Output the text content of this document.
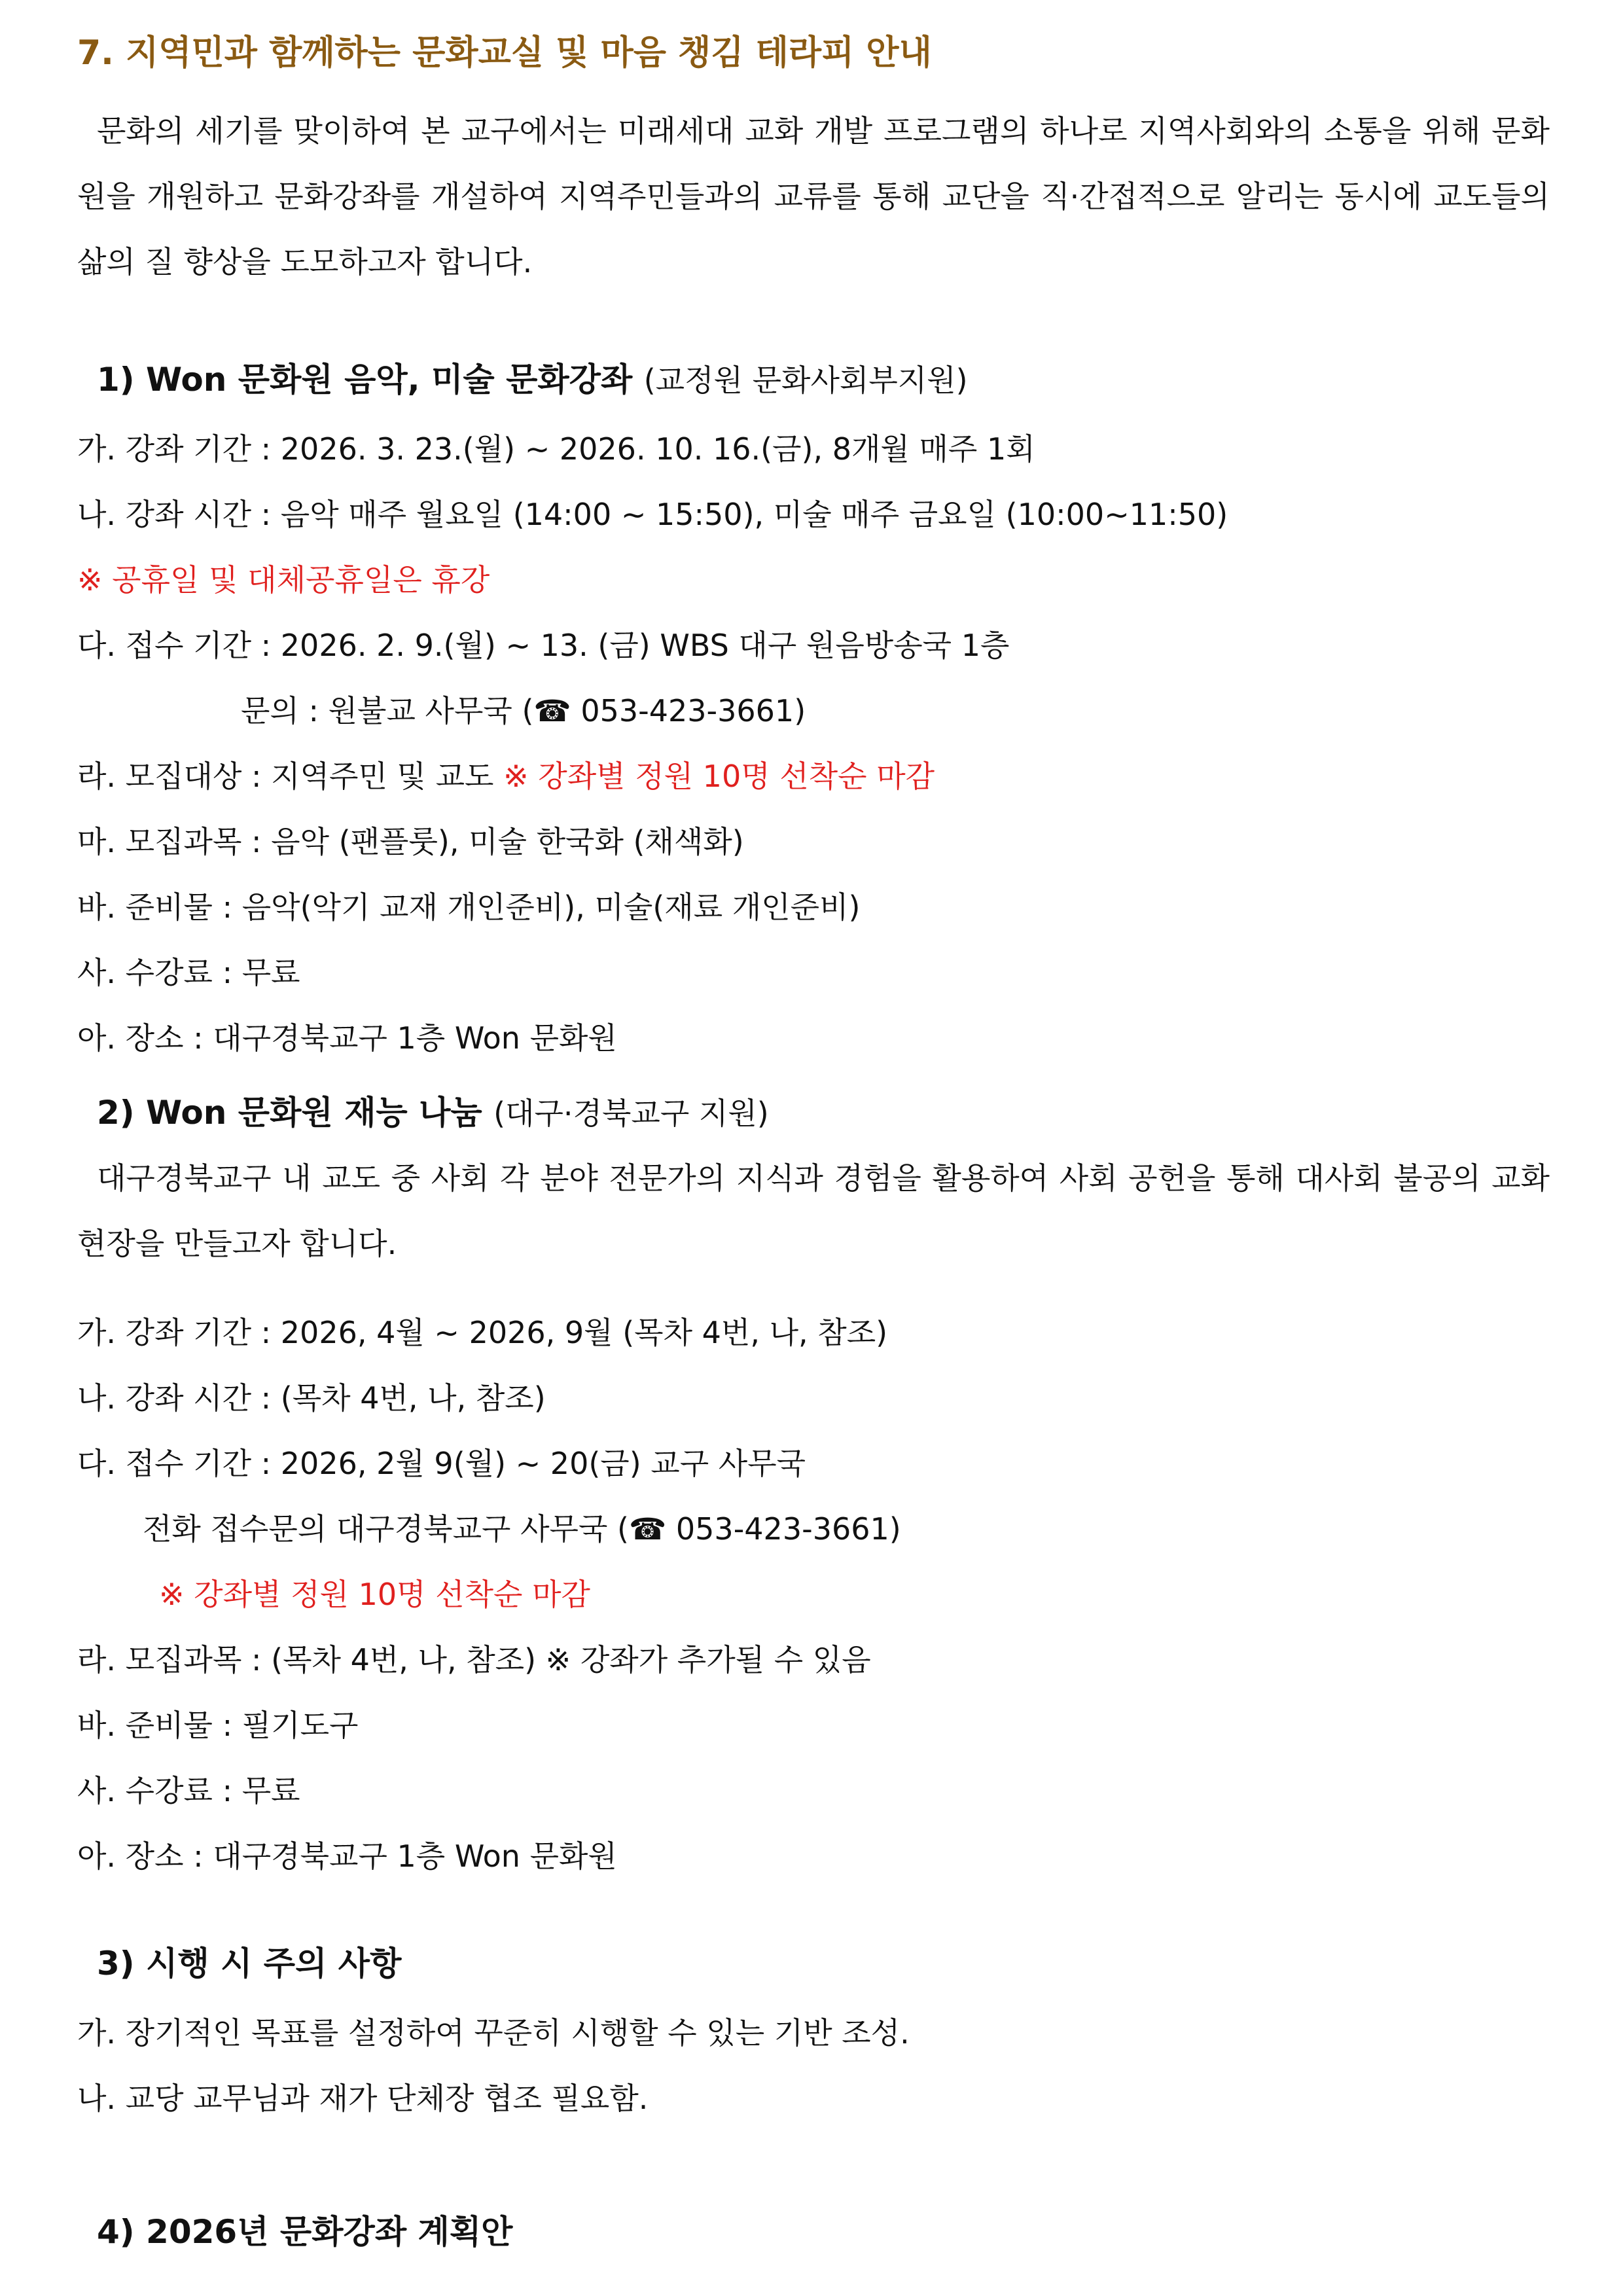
7. 지역민과 함께하는 문화교실 및 마음 챙김 테라피 안내
문화의 세기를 맞이하여 본 교구에서는 미래세대 교화 개발 프로그램의 하나로 지역사회와의 소통을 위해 문화원을 개원하고 문화강좌를 개설하여 지역주민들과의 교류를 통해 교단을 직·간접적으로 알리는 동시에 교도들의 삶의 질 향상을 도모하고자 합니다.
1) Won 문화원 음악, 미술 문화강좌 (교정원 문화사회부지원)
가. 강좌 기간 : 2026. 3. 23.(월) ~ 2026. 10. 16.(금), 8개월 매주 1회
나. 강좌 시간 : 음악 매주 월요일 (14:00 ~ 15:50), 미술 매주 금요일 (10:00~11:50)
※ 공휴일 및 대체공휴일은 휴강
다. 접수 기간 : 2026. 2. 9.(월) ~ 13. (금) WBS 대구 원음방송국 1층
문의 : 원불교 사무국 (☎ 053-423-3661)
라. 모집대상 : 지역주민 및 교도 ※ 강좌별 정원 10명 선착순 마감
마. 모집과목 : 음악 (팬플룻), 미술 한국화 (채색화)
바. 준비물 : 음악(악기 교재 개인준비), 미술(재료 개인준비)
사. 수강료 : 무료
아. 장소 : 대구경북교구 1층 Won 문화원
2) Won 문화원 재능 나눔 (대구·경북교구 지원)
대구경북교구 내 교도 중 사회 각 분야 전문가의 지식과 경험을 활용하여 사회 공헌을 통해 대사회 불공의 교화현장을 만들고자 합니다.
가. 강좌 기간 : 2026, 4월 ~ 2026, 9월 (목차 4번, 나, 참조)
나. 강좌 시간 : (목차 4번, 나, 참조)
다. 접수 기간 : 2026, 2월 9(월) ~ 20(금) 교구 사무국
전화 접수문의 대구경북교구 사무국 (☎ 053-423-3661)
※ 강좌별 정원 10명 선착순 마감
라. 모집과목 : (목차 4번, 나, 참조) ※ 강좌가 추가될 수 있음
바. 준비물 : 필기도구
사. 수강료 : 무료
아. 장소 : 대구경북교구 1층 Won 문화원
3) 시행 시 주의 사항
가. 장기적인 목표를 설정하여 꾸준히 시행할 수 있는 기반 조성.
나. 교당 교무님과 재가 단체장 협조 필요함.
4) 2026년 문화강좌 계획안
